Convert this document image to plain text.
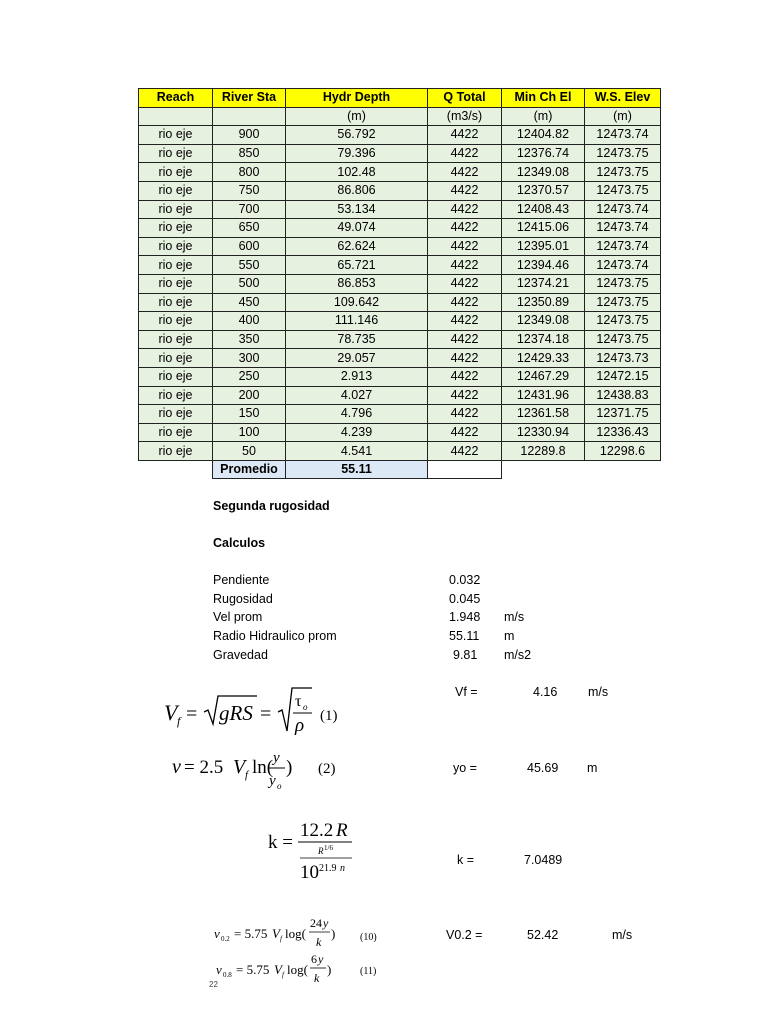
Reach	River Sta	Hydr Depth	Q Total	Min Ch El	W.S. Elev
		(m)	(m3/s)	(m)	(m)
rio eje	900	56.792	4422	12404.82	12473.74
rio eje	850	79.396	4422	12376.74	12473.75
rio eje	800	102.48	4422	12349.08	12473.75
rio eje	750	86.806	4422	12370.57	12473.75
rio eje	700	53.134	4422	12408.43	12473.74
rio eje	650	49.074	4422	12415.06	12473.74
rio eje	600	62.624	4422	12395.01	12473.74
rio eje	550	65.721	4422	12394.46	12473.74
rio eje	500	86.853	4422	12374.21	12473.75
rio eje	450	109.642	4422	12350.89	12473.75
rio eje	400	111.146	4422	12349.08	12473.75
rio eje	350	78.735	4422	12374.18	12473.75
rio eje	300	29.057	4422	12429.33	12473.73
rio eje	250	2.913	4422	12467.29	12472.15
rio eje	200	4.027	4422	12431.96	12438.83
rio eje	150	4.796	4422	12361.58	12371.75
rio eje	100	4.239	4422	12330.94	12336.43
rio eje	50	4.541	4422	12289.8	12298.6
	Promedio	55.11			
Segunda rugosidad
Calculos
Pendiente	0.032
Rugosidad	0.045
Vel prom	1.948 m/s
Radio Hidraulico prom	55.11 m
Gravedad	9.81 m/s2
V f = gRS =
τ o
ρ (1)
v = 2.5 V f ln( y
y o
) (2)
k =
12.2 R
R 1/6
10 21.9 n
v 0.2 = 5.75 V f log(
24 y
k
)
v 0.8 = 5.75 V f log(
6 y
k
)
(10)
(11)
Vf =	4.16 m/s
yo =	45.69 m
k =	7.0489
V0.2 =	52.42	m/s
22
